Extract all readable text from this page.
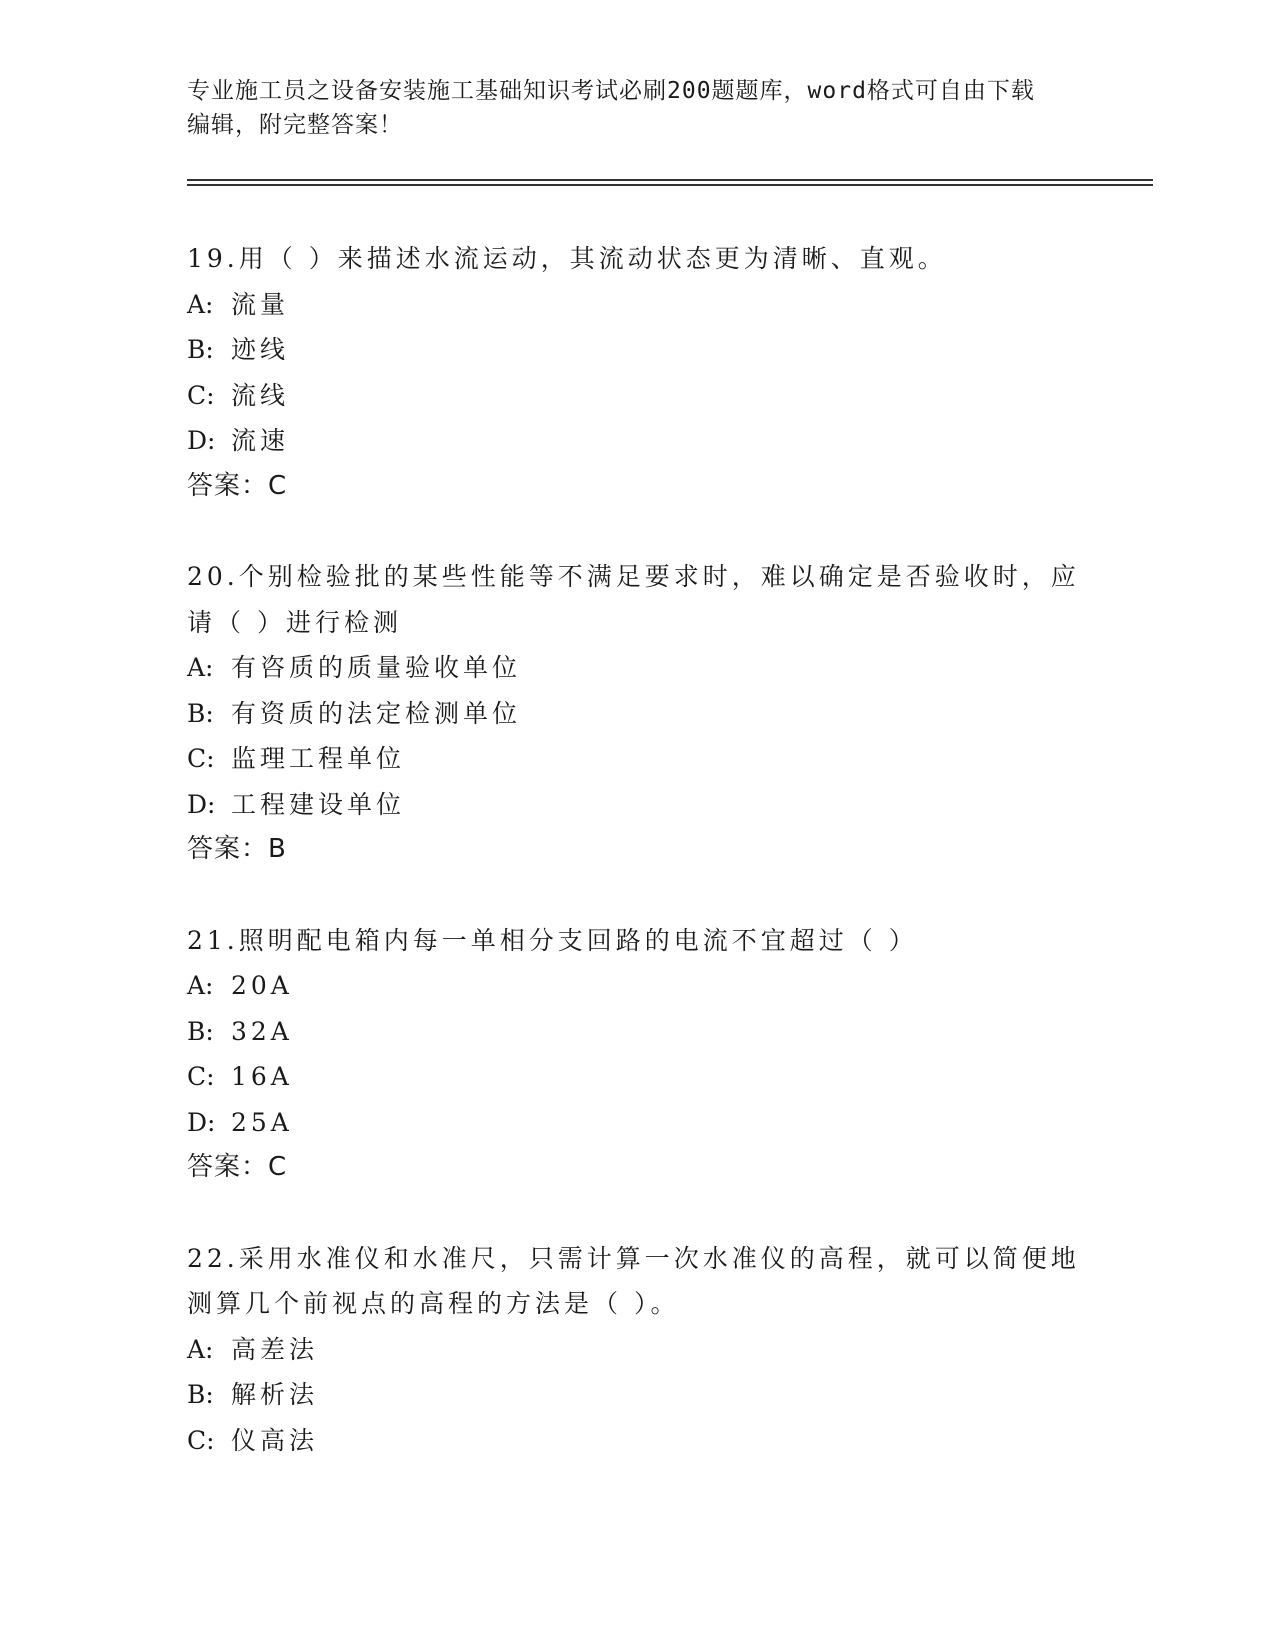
专业施工员之设备安装施工基础知识考试必刷200题题库，word格式可自由下载
编辑，附完整答案！
19.用（ ）来描述水流运动，其流动状态更为清晰、直观。
A: 流量
B: 迹线
C: 流线
D: 流速
答案：C
20.个别检验批的某些性能等不满足要求时，难以确定是否验收时，应
请（ ）进行检测
A: 有咨质的质量验收单位
B: 有资质的法定检测单位
C: 监理工程单位
D: 工程建设单位
答案：B
21.照明配电箱内每一单相分支回路的电流不宜超过（ ）
A: 20A
B: 32A
C: 16A
D: 25A
答案：C
22.采用水准仪和水准尺，只需计算一次水准仪的高程，就可以简便地
测算几个前视点的高程的方法是（ ）。
A: 高差法
B: 解析法
C: 仪高法
